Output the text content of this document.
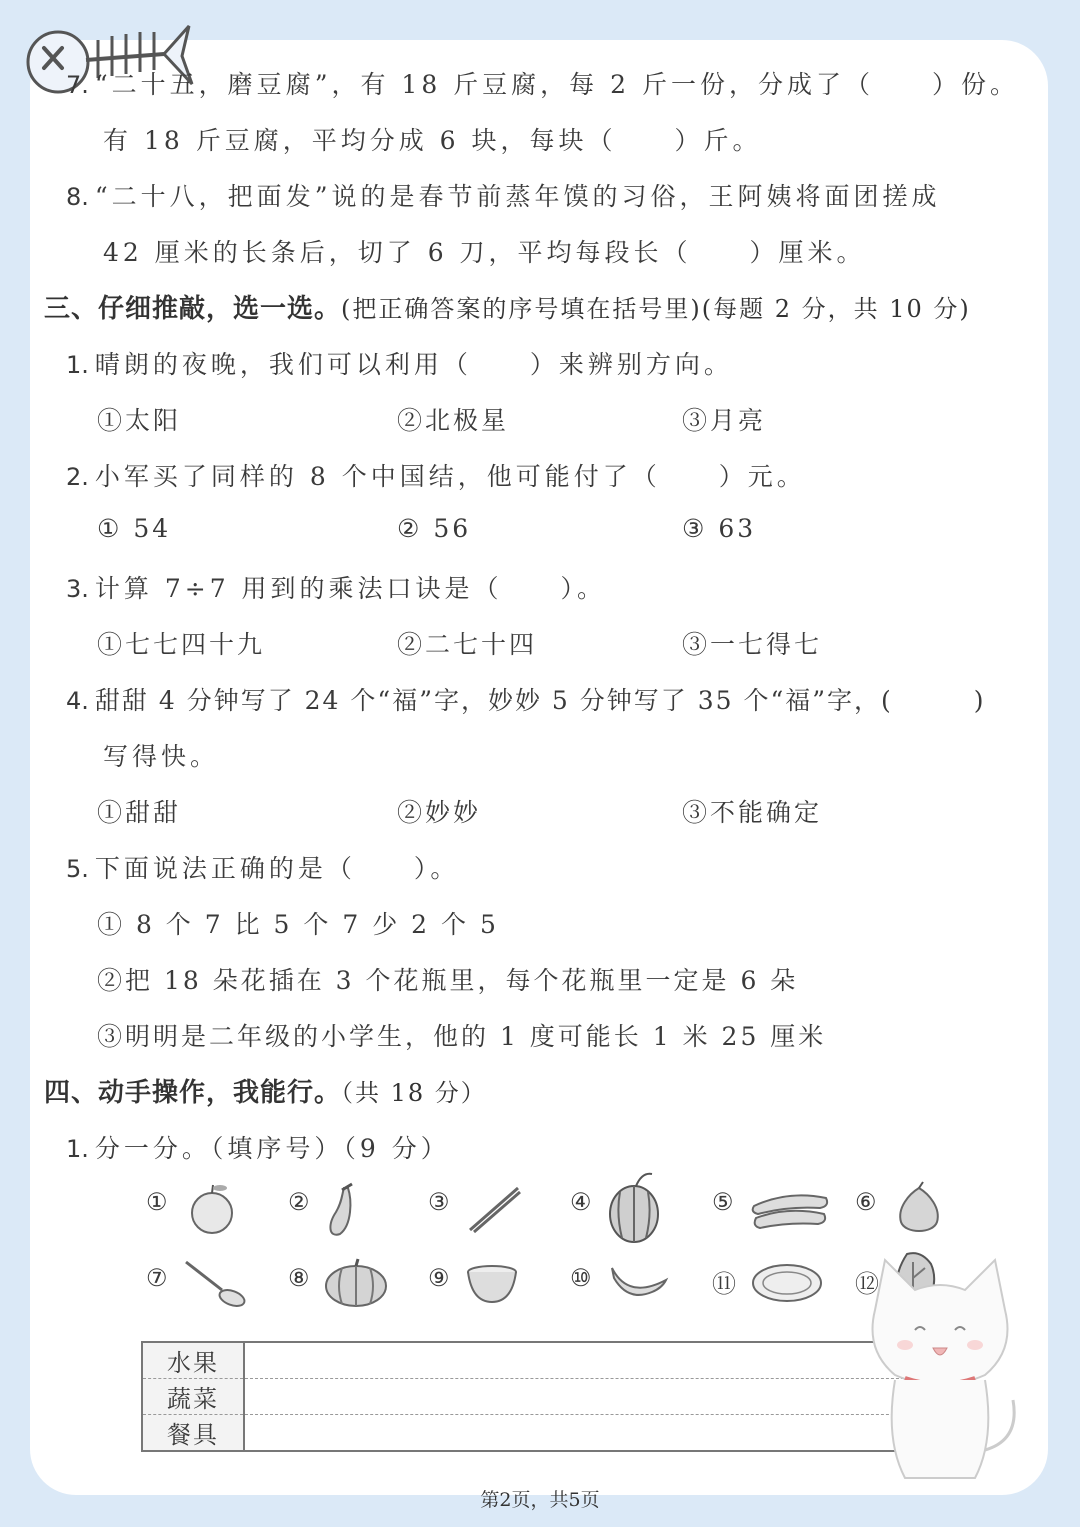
7. “二十五，磨豆腐”，有 18 斤豆腐，每 2 斤一份，分成了（　　）份。
有 18 斤豆腐，平均分成 6 块，每块（　　）斤。
8. “二十八，把面发”说的是春节前蒸年馍的习俗，王阿姨将面团搓成
42 厘米的长条后，切了 6 刀，平均每段长（　　）厘米。
三、仔细推敲，选一选。(把正确答案的序号填在括号里)(每题 2 分，共 10 分)
1. 晴朗的夜晚，我们可以利用（　　）来辨别方向。
①太阳	②北极星	③月亮
2. 小军买了同样的 8 个中国结，他可能付了（　　）元。
① 54	② 56	③ 63
3. 计算 7÷7 用到的乘法口诀是（　　）。
①七七四十九	②二七十四	③一七得七
4. 甜甜 4 分钟写了 24 个“福”字，妙妙 5 分钟写了 35 个“福”字，(　　　)
写得快。
①甜甜	②妙妙	③不能确定
5. 下面说法正确的是（　　）。
① 8 个 7 比 5 个 7 少 2 个 5
②把 18 朵花插在 3 个花瓶里，每个花瓶里一定是 6 朵
③明明是二年级的小学生，他的 1 度可能长 1 米 25 厘米
四、动手操作，我能行。（共 18 分）
1. 分一分。（填序号）（9 分）
①	②	③	④	⑤	⑥
⑦	⑧	⑨	⑩	⑪	⑫
水果	
蔬菜	
餐具	
第2页，共5页
